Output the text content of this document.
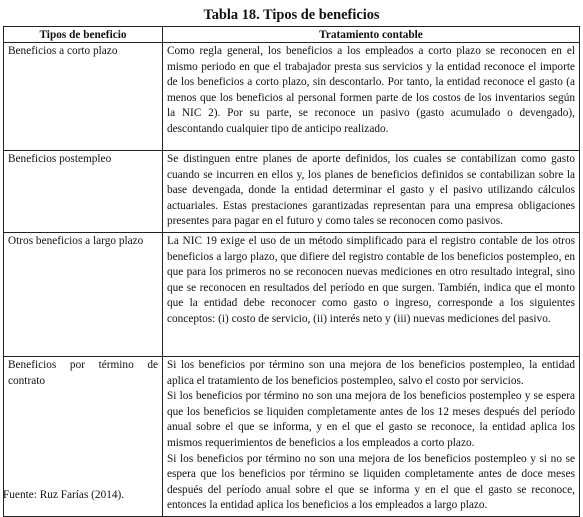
Tabla 18. Tipos de beneficios
Tipos de beneficio	Tratamiento contable
Beneficios a corto plazo	Como regla general, los beneficios a los empleados a corto plazo se reconocen en el mismo periodo en que el trabajador presta sus servicios y la entidad reconoce el importe de los beneficios a corto plazo, sin descontarlo. Por tanto, la entidad reconoce el gasto (a menos que los beneficios al personal formen parte de los costos de los inventarios según la NIC 2). Por su parte, se reconoce un pasivo (gasto acumulado o devengado), descontando cualquier tipo de anticipo realizado.

Beneficios postempleo	Se distinguen entre planes de aporte definidos, los cuales se contabilizan como gasto cuando se incurren en ellos y, los planes de beneficios definidos se contabilizan sobre la base devengada, donde la entidad determinar el gasto y el pasivo utilizando cálculos actuariales. Estas prestaciones garantizadas representan para una empresa obligaciones presentes para pagar en el futuro y como tales se reconocen como pasivos.

Otros beneficios a largo plazo	La NIC 19 exige el uso de un método simplificado para el registro contable de los otros beneficios a largo plazo, que difiere del registro contable de los beneficios postempleo, en que para los primeros no se reconocen nuevas mediciones en otro resultado integral, sino que se reconocen en resultados del período en que surgen. También, indica que el monto que la entidad debe reconocer como gasto o ingreso, corresponde a los siguientes conceptos: (i) costo de servicio, (ii) interés neto y (iii) nuevas mediciones del pasivo.

Beneficios por término de contrato	Si los beneficios por término son una mejora de los beneficios postempleo, la entidad aplica el tratamiento de los beneficios postempleo, salvo el costo por servicios.
Si los beneficios por término no son una mejora de los beneficios postempleo y se espera que los beneficios se liquiden completamente antes de los 12 meses después del período anual sobre el que se informa, y en el que el gasto se reconoce, la entidad aplica los mismos requerimientos de beneficios a los empleados a corto plazo.
Si los beneficios por término no son una mejora de los beneficios postempleo y si no se espera que los beneficios por término se liquiden completamente antes de doce meses después del período anual sobre el que se informa y en el que el gasto se reconoce, entonces la entidad aplica los beneficios a los empleados a largo plazo.
Fuente: Ruz Farías (2014).
